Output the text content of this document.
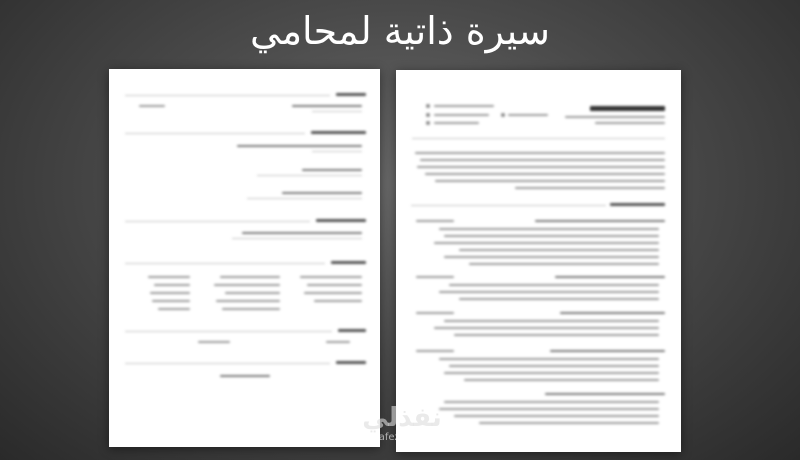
سيرة ذاتية لمحامي
نفذلي
nafezly.com
